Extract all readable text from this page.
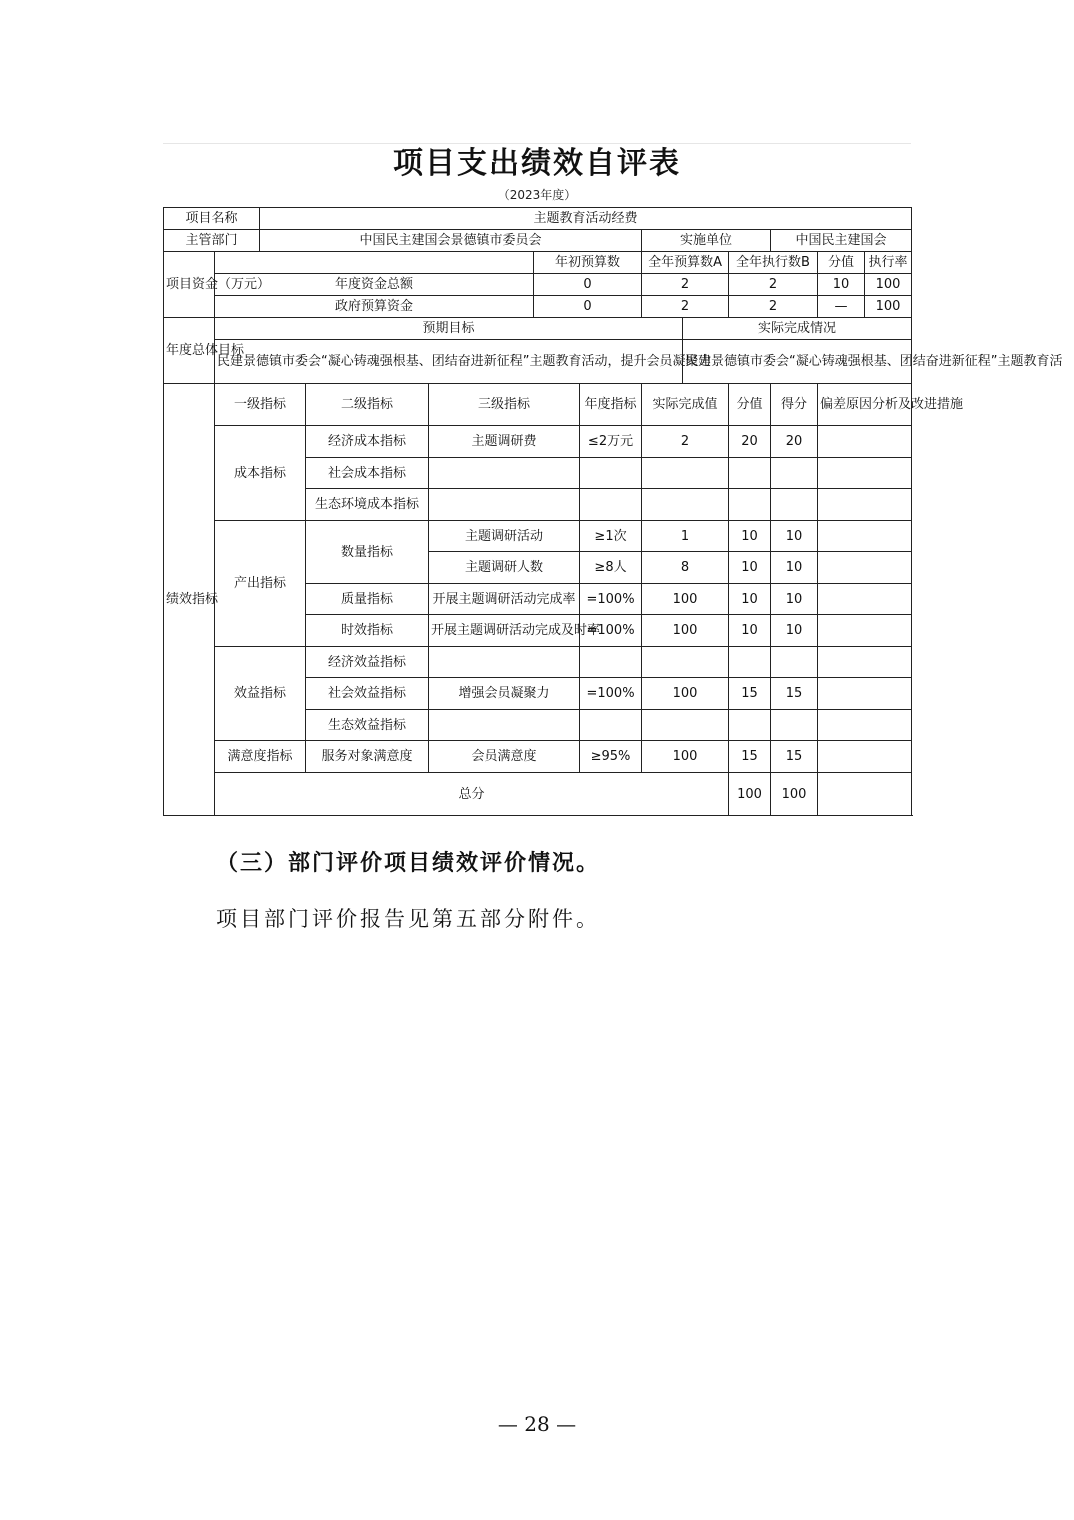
项目支出绩效自评表
（2023年度）
项目名称		主题教育活动经费											
主管部门		中国民主建国会景德镇市委员会					实施单位			中国民主建国会			
项目资金（万元）					年初预算数		全年预算数A		全年执行数B		分值	执行率	
	年度资金总额				0		2		2		10	100	
	政府预算资金				0		2		2		—	100	
年度总体目标	预期目标							实际完成情况					
	民建景德镇市委会“凝心铸魂强根基、团结奋进新征程”主题教育活动，提升会员凝聚力							民建景德镇市委会“凝心铸魂强根基、团结奋进新征程”主题教育活					
绩效指标	一级指标		二级指标	三级指标		年度指标	实际完成值		分值	得分	偏差原因分析及改进措施		
	成本指标		经济成本指标	主题调研费		≤2万元	2		20	20			
			社会成本指标										
			生态环境成本指标										
	产出指标		数量指标	主题调研活动		≥1次	1		10	10			
				主题调研人数		≥8人	8		10	10			
			质量指标	开展主题调研活动完成率		=100%	100		10	10			
			时效指标	开展主题调研活动完成及时率		=100%	100		10	10			
	效益指标		经济效益指标										
			社会效益指标	增强会员凝聚力		=100%	100		15	15			
			生态效益指标										
	满意度指标		服务对象满意度	会员满意度		≥95%	100		15	15			
	总分								100	100			
（三）部门评价项目绩效评价情况。
项目部门评价报告见第五部分附件。
— 28 —
